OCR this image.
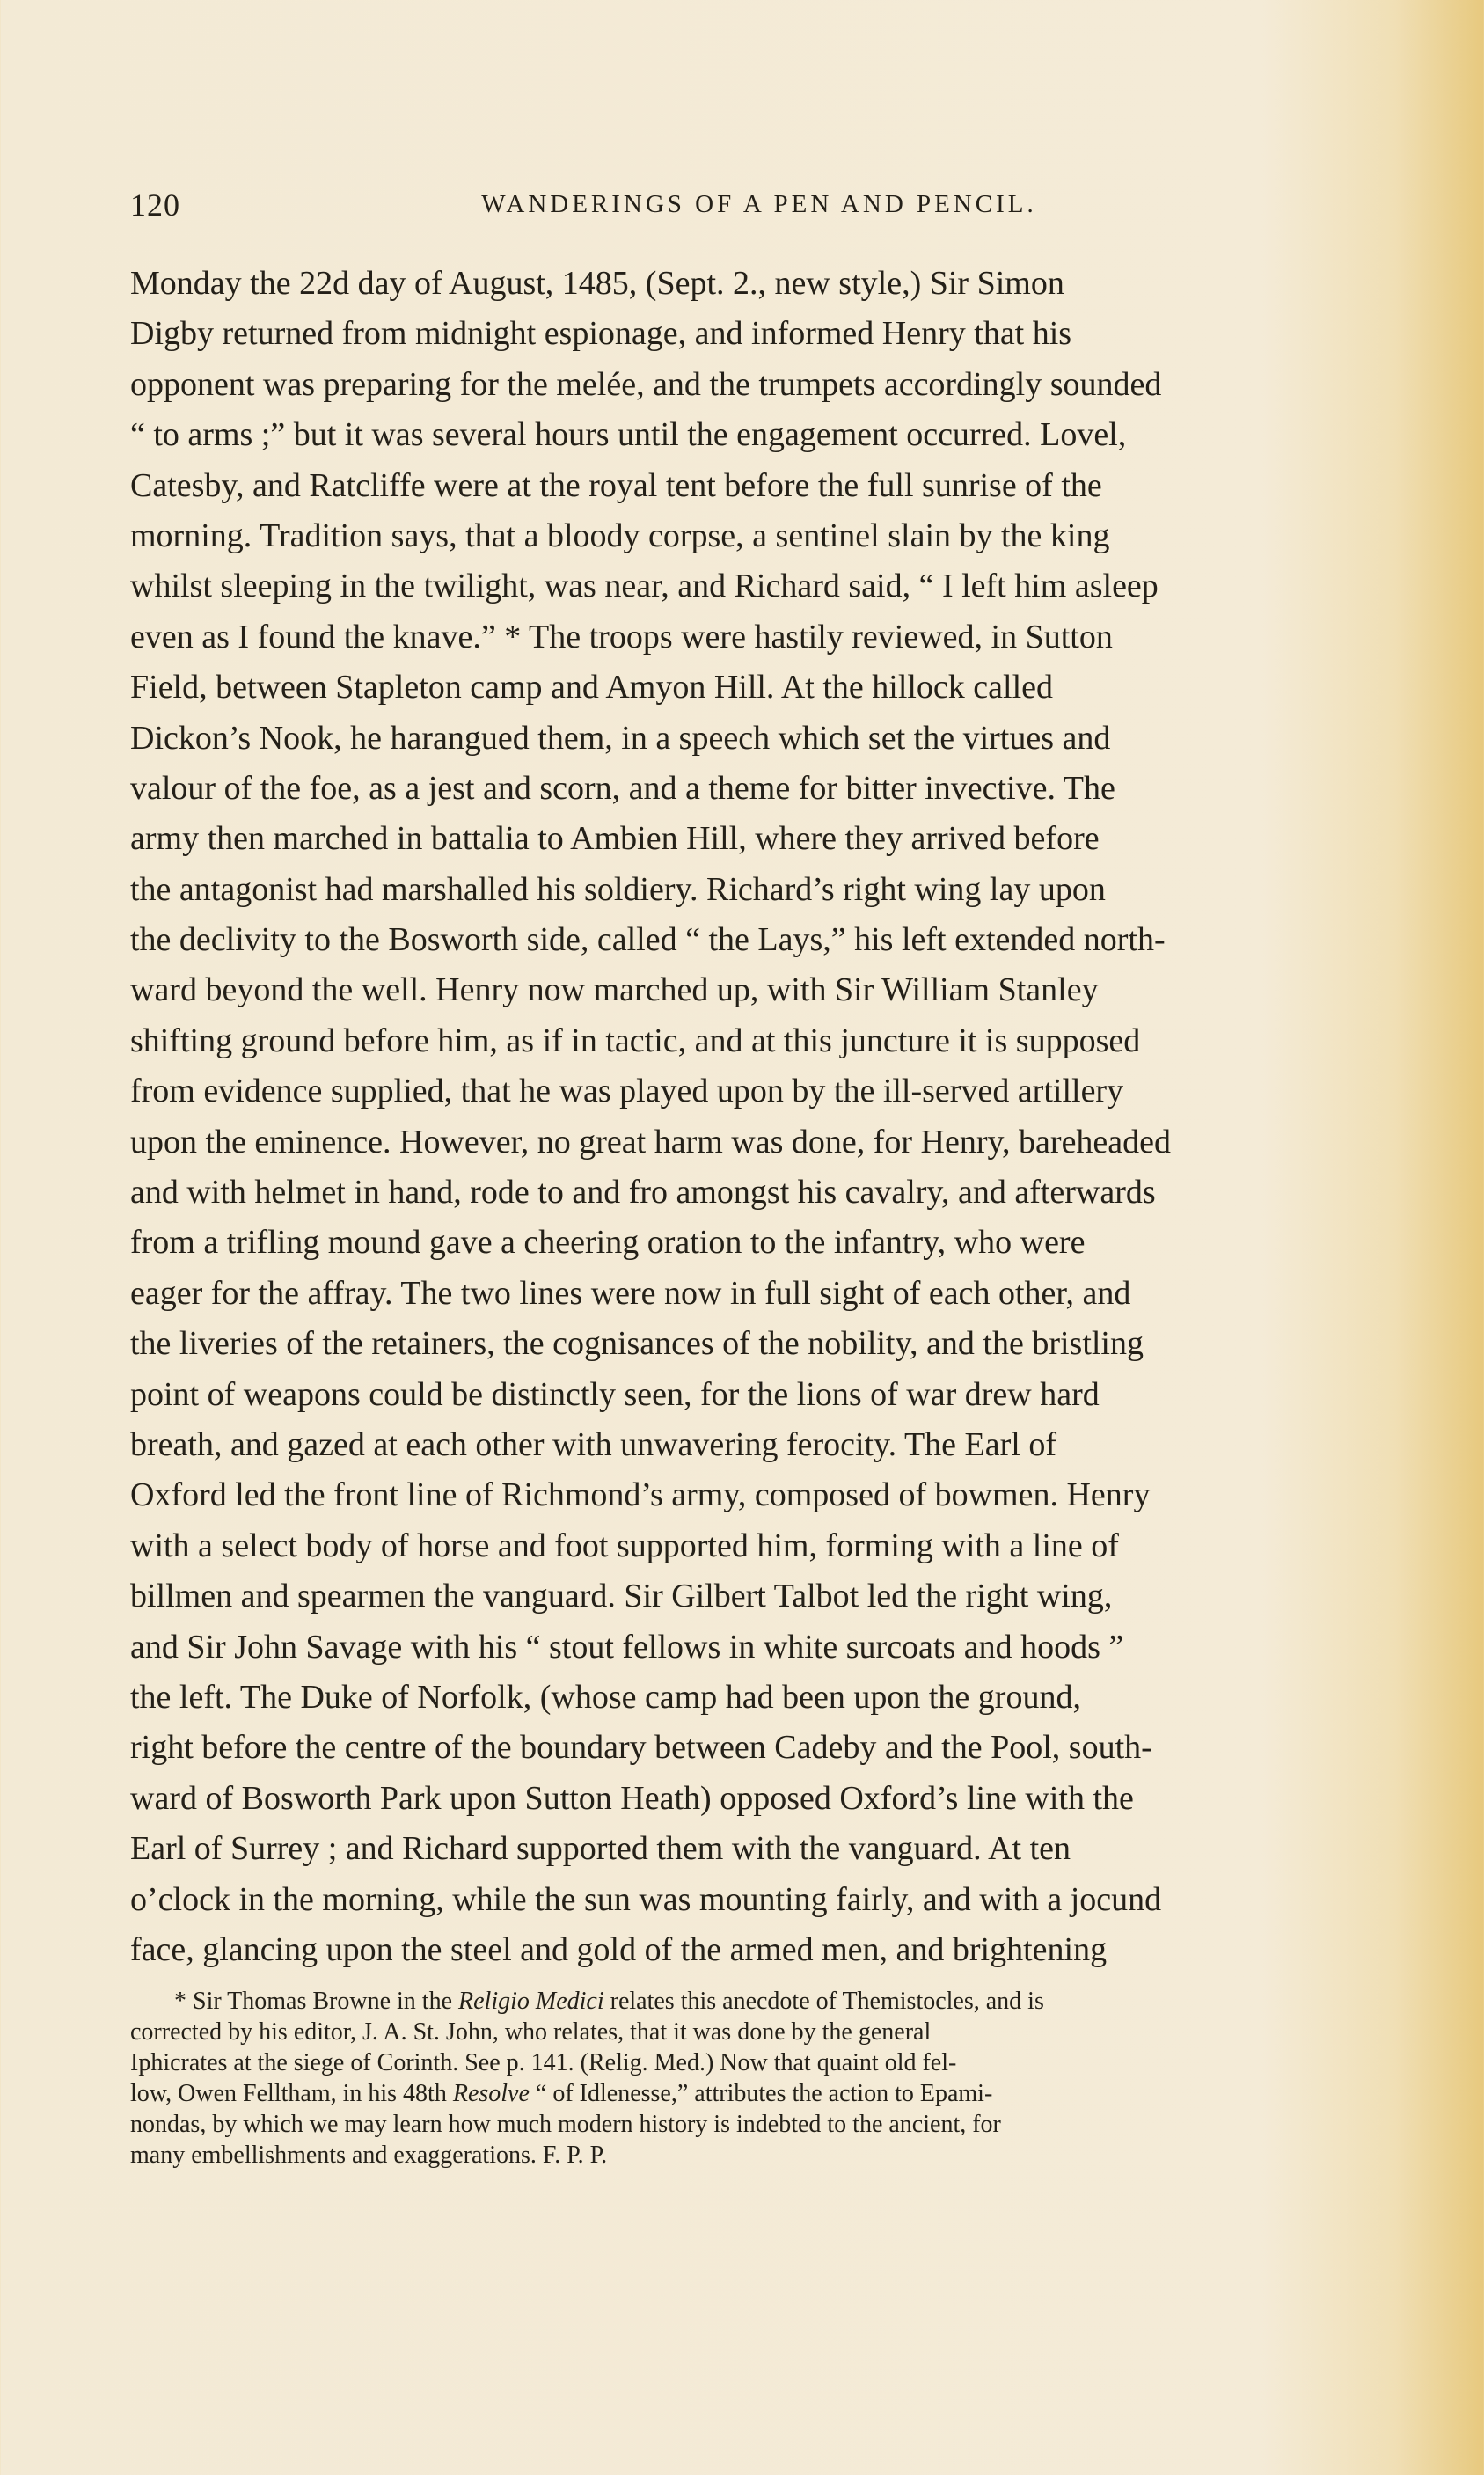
120	WANDERINGS OF A PEN AND PENCIL.
Monday the 22d day of August, 1485, (Sept. 2., new style,) Sir Simon
Digby returned from midnight espionage, and informed Henry that his
opponent was preparing for the melée, and the trumpets accordingly sounded
“ to arms ;” but it was several hours until the engagement occurred. Lovel,
Catesby, and Ratcliffe were at the royal tent before the full sunrise of the
morning. Tradition says, that a bloody corpse, a sentinel slain by the king
whilst sleeping in the twilight, was near, and Richard said, “ I left him asleep
even as I found the knave.” * The troops were hastily reviewed, in Sutton
Field, between Stapleton camp and Amyon Hill. At the hillock called
Dickon’s Nook, he harangued them, in a speech which set the virtues and
valour of the foe, as a jest and scorn, and a theme for bitter invective. The
army then marched in battalia to Ambien Hill, where they arrived before
the antagonist had marshalled his soldiery. Richard’s right wing lay upon
the declivity to the Bosworth side, called “ the Lays,” his left extended north-
ward beyond the well. Henry now marched up, with Sir William Stanley
shifting ground before him, as if in tactic, and at this juncture it is supposed
from evidence supplied, that he was played upon by the ill-served artillery
upon the eminence. However, no great harm was done, for Henry, bareheaded
and with helmet in hand, rode to and fro amongst his cavalry, and afterwards
from a trifling mound gave a cheering oration to the infantry, who were
eager for the affray. The two lines were now in full sight of each other, and
the liveries of the retainers, the cognisances of the nobility, and the bristling
point of weapons could be distinctly seen, for the lions of war drew hard
breath, and gazed at each other with unwavering ferocity. The Earl of
Oxford led the front line of Richmond’s army, composed of bowmen. Henry
with a select body of horse and foot supported him, forming with a line of
billmen and spearmen the vanguard. Sir Gilbert Talbot led the right wing,
and Sir John Savage with his “ stout fellows in white surcoats and hoods ”
the left. The Duke of Norfolk, (whose camp had been upon the ground,
right before the centre of the boundary between Cadeby and the Pool, south-
ward of Bosworth Park upon Sutton Heath) opposed Oxford’s line with the
Earl of Surrey ; and Richard supported them with the vanguard. At ten
o’clock in the morning, while the sun was mounting fairly, and with a jocund
face, glancing upon the steel and gold of the armed men, and brightening
* Sir Thomas Browne in the Religio Medici relates this anecdote of Themistocles, and is
corrected by his editor, J. A. St. John, who relates, that it was done by the general
Iphicrates at the siege of Corinth. See p. 141. (Relig. Med.) Now that quaint old fel-
low, Owen Felltham, in his 48th Resolve “ of Idlenesse,” attributes the action to Epami-
nondas, by which we may learn how much modern history is indebted to the ancient, for
many embellishments and exaggerations. F. P. P.
